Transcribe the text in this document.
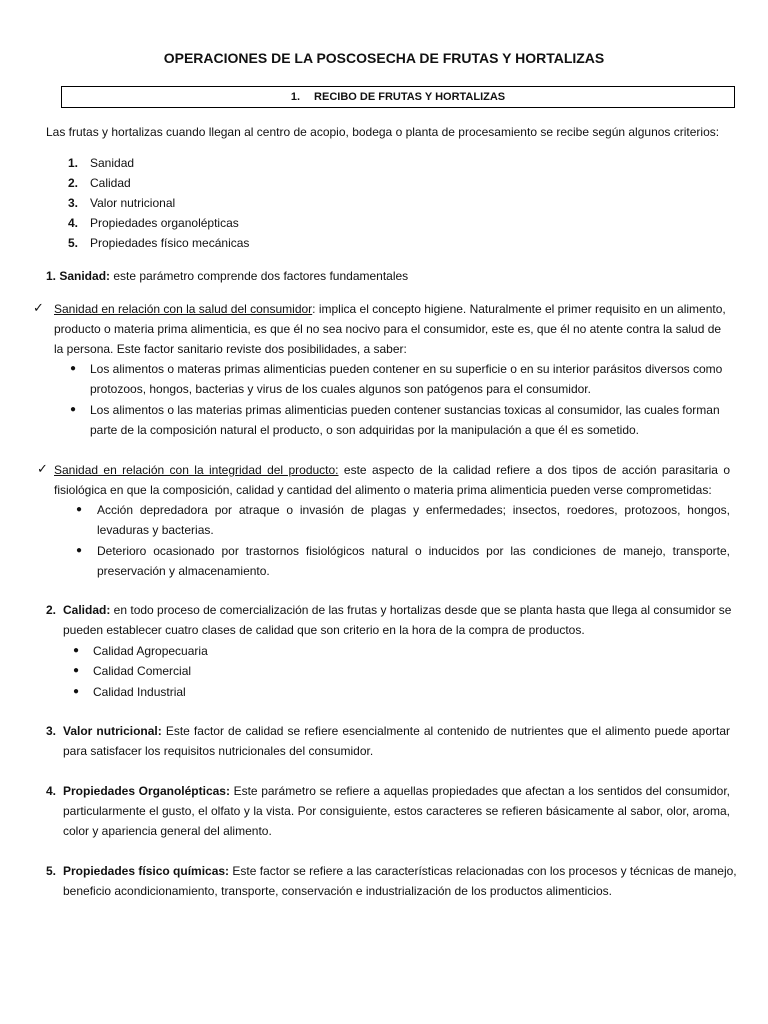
OPERACIONES DE LA POSCOSECHA DE FRUTAS Y HORTALIZAS
1. RECIBO DE FRUTAS Y HORTALIZAS
Las frutas y hortalizas cuando llegan al centro de acopio, bodega o planta de procesamiento se recibe según algunos criterios:
1. Sanidad
2. Calidad
3. Valor nutricional
4. Propiedades organolépticas
5. Propiedades físico mecánicas
1. Sanidad: este parámetro comprende dos factores fundamentales
✓ Sanidad en relación con la salud del consumidor: implica el concepto higiene. Naturalmente el primer requisito en un alimento,
producto o materia prima alimenticia, es que él no sea nocivo para el consumidor, este es, que él no atente contra la salud de
la persona. Este factor sanitario reviste dos posibilidades, a saber:
● Los alimentos o materas primas alimenticias pueden contener en su superficie o en su interior parásitos diversos como
protozoos, hongos, bacterias y virus de los cuales algunos son patógenos para el consumidor.
● Los alimentos o las materias primas alimenticias pueden contener sustancias toxicas al consumidor, las cuales forman
parte de la composición natural el producto, o son adquiridas por la manipulación a que él es sometido.
✓ Sanidad en relación con la integridad del producto: este aspecto de la calidad refiere a dos tipos de acción parasitaria o
fisiológica en que la composición, calidad y cantidad del alimento o materia prima alimenticia pueden verse comprometidas:
● Acción depredadora por atraque o invasión de plagas y enfermedades; insectos, roedores, protozoos, hongos,
levaduras y bacterias.
● Deterioro ocasionado por trastornos fisiológicos natural o inducidos por las condiciones de manejo, transporte,
preservación y almacenamiento.
2. Calidad: en todo proceso de comercialización de las frutas y hortalizas desde que se planta hasta que llega al consumidor se
pueden establecer cuatro clases de calidad que son criterio en la hora de la compra de productos.
● Calidad Agropecuaria
● Calidad Comercial
● Calidad Industrial
3. Valor nutricional: Este factor de calidad se refiere esencialmente al contenido de nutrientes que el alimento puede aportar
para satisfacer los requisitos nutricionales del consumidor.
4. Propiedades Organolépticas: Este parámetro se refiere a aquellas propiedades que afectan a los sentidos del consumidor,
particularmente el gusto, el olfato y la vista. Por consiguiente, estos caracteres se refieren básicamente al sabor, olor, aroma,
color y apariencia general del alimento.
5. Propiedades físico químicas: Este factor se refiere a las características relacionadas con los procesos y técnicas de manejo,
beneficio acondicionamiento, transporte, conservación e industrialización de los productos alimenticios.
